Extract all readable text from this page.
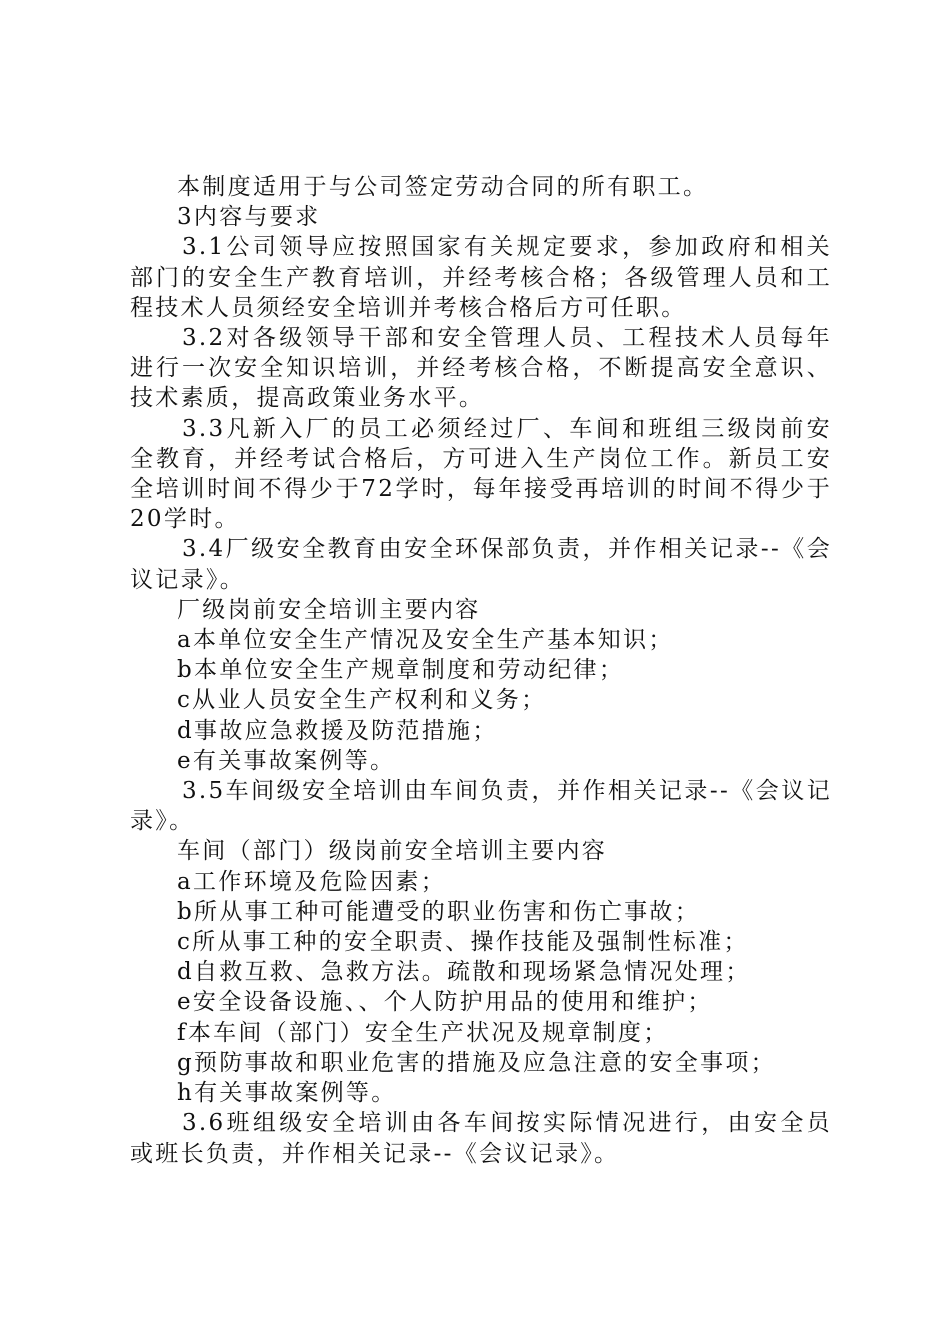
本制度适用于与公司签定劳动合同的所有职工。

3内容与要求

3.1公司领导应按照国家有关规定要求，参加政府和相关部门的安全生产教育培训，并经考核合格；各级管理人员和工程技术人员须经安全培训并考核合格后方可任职。

3.2对各级领导干部和安全管理人员、工程技术人员每年进行一次安全知识培训，并经考核合格，不断提高安全意识、技术素质，提高政策业务水平。

3.3凡新入厂的员工必须经过厂、车间和班组三级岗前安全教育，并经考试合格后，方可进入生产岗位工作。新员工安全培训时间不得少于72学时，每年接受再培训的时间不得少于20学时。

3.4厂级安全教育由安全环保部负责，并作相关记录--《会议记录》。

厂级岗前安全培训主要内容

a本单位安全生产情况及安全生产基本知识；

b本单位安全生产规章制度和劳动纪律；

c从业人员安全生产权利和义务；

d事故应急救援及防范措施；

e有关事故案例等。

3.5车间级安全培训由车间负责，并作相关记录--《会议记录》。

车间（部门）级岗前安全培训主要内容

a工作环境及危险因素；

b所从事工种可能遭受的职业伤害和伤亡事故；

c所从事工种的安全职责、操作技能及强制性标准；

d自救互救、急救方法。疏散和现场紧急情况处理；

e安全设备设施、、个人防护用品的使用和维护；

f本车间（部门）安全生产状况及规章制度；

g预防事故和职业危害的措施及应急注意的安全事项；

h有关事故案例等。

3.6班组级安全培训由各车间按实际情况进行，由安全员或班长负责，并作相关记录--《会议记录》。
